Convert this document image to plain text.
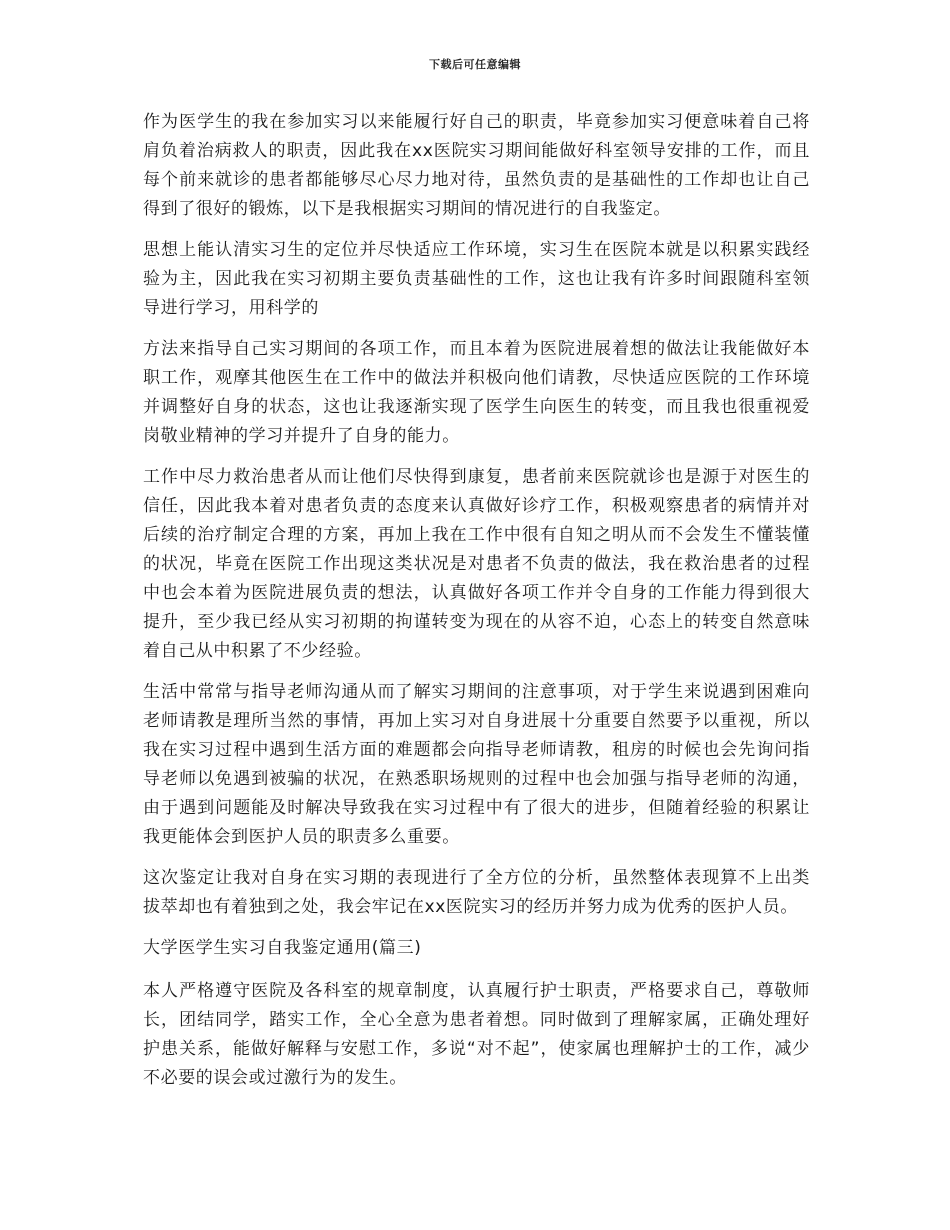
下载后可任意编辑

作为医学生的我在参加实习以来能履行好自己的职责，毕竟参加实习便意味着自己将肩负着治病救人的职责，因此我在xx医院实习期间能做好科室领导安排的工作，而且每个前来就诊的患者都能够尽心尽力地对待，虽然负责的是基础性的工作却也让自己得到了很好的锻炼，以下是我根据实习期间的情况进行的自我鉴定。

思想上能认清实习生的定位并尽快适应工作环境，实习生在医院本就是以积累实践经验为主，因此我在实习初期主要负责基础性的工作，这也让我有许多时间跟随科室领导进行学习，用科学的

方法来指导自己实习期间的各项工作，而且本着为医院进展着想的做法让我能做好本职工作，观摩其他医生在工作中的做法并积极向他们请教，尽快适应医院的工作环境并调整好自身的状态，这也让我逐渐实现了医学生向医生的转变，而且我也很重视爱岗敬业精神的学习并提升了自身的能力。

工作中尽力救治患者从而让他们尽快得到康复，患者前来医院就诊也是源于对医生的信任，因此我本着对患者负责的态度来认真做好诊疗工作，积极观察患者的病情并对后续的治疗制定合理的方案，再加上我在工作中很有自知之明从而不会发生不懂装懂的状况，毕竟在医院工作出现这类状况是对患者不负责的做法，我在救治患者的过程中也会本着为医院进展负责的想法，认真做好各项工作并令自身的工作能力得到很大提升，至少我已经从实习初期的拘谨转变为现在的从容不迫，心态上的转变自然意味着自己从中积累了不少经验。

生活中常常与指导老师沟通从而了解实习期间的注意事项，对于学生来说遇到困难向老师请教是理所当然的事情，再加上实习对自身进展十分重要自然要予以重视，所以我在实习过程中遇到生活方面的难题都会向指导老师请教，租房的时候也会先询问指导老师以免遇到被骗的状况，在熟悉职场规则的过程中也会加强与指导老师的沟通，由于遇到问题能及时解决导致我在实习过程中有了很大的进步，但随着经验的积累让我更能体会到医护人员的职责多么重要。

这次鉴定让我对自身在实习期的表现进行了全方位的分析，虽然整体表现算不上出类拔萃却也有着独到之处，我会牢记在xx医院实习的经历并努力成为优秀的医护人员。

大学医学生实习自我鉴定通用(篇三)

本人严格遵守医院及各科室的规章制度，认真履行护士职责，严格要求自己，尊敬师长，团结同学，踏实工作，全心全意为患者着想。同时做到了理解家属，正确处理好护患关系，能做好解释与安慰工作，多说“对不起”，使家属也理解护士的工作，减少不必要的误会或过激行为的发生。
